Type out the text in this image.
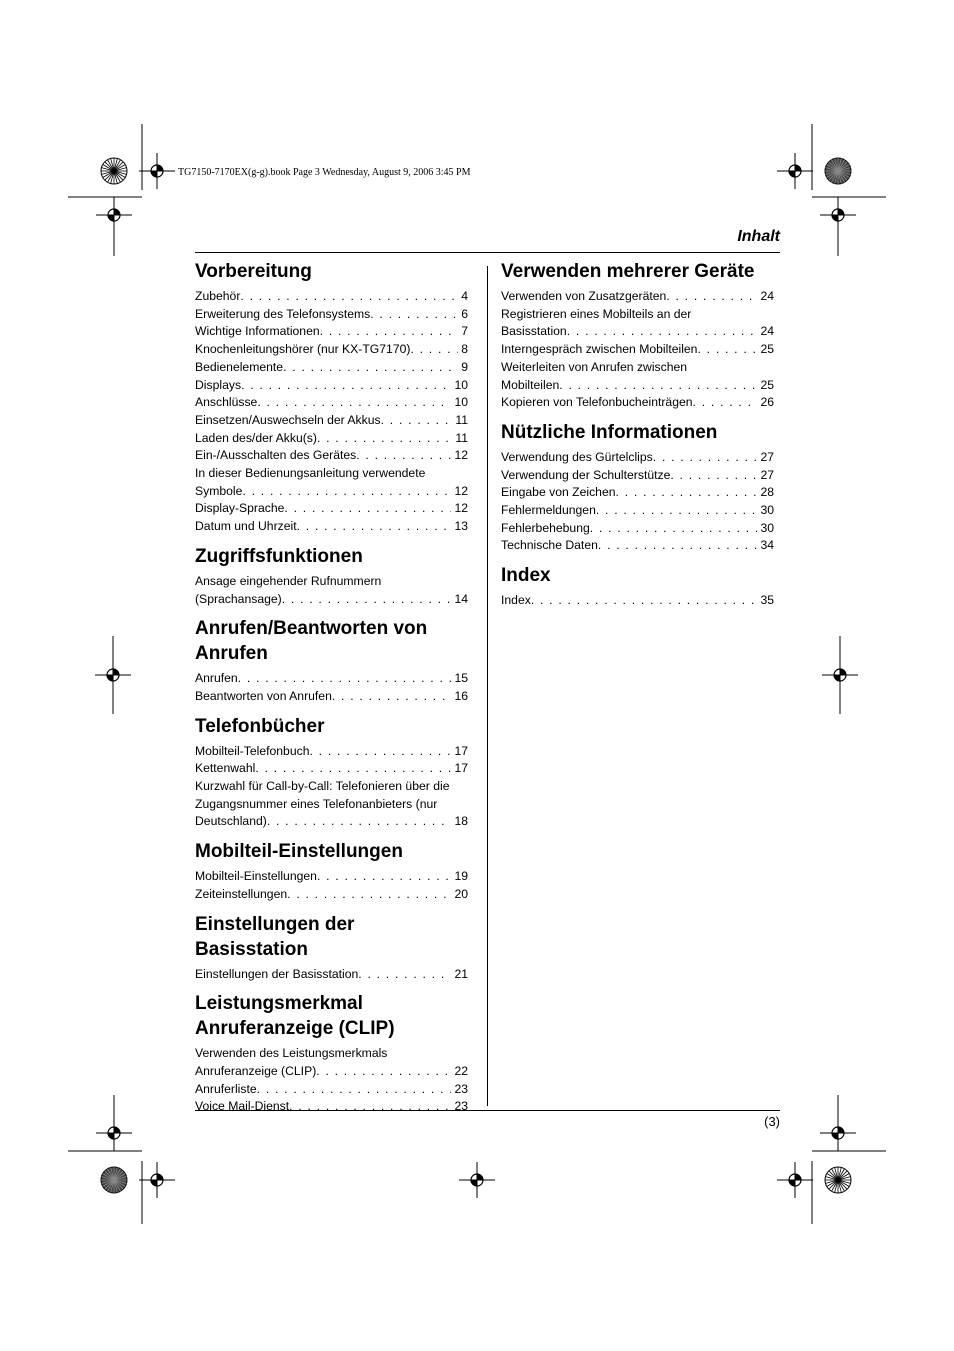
TG7150-7170EX(g-g).book Page 3 Wednesday, August 9, 2006 3:45 PM
Inhalt
Vorbereitung
Zubehör . . .	4
Erweiterung des Telefonsystems . . .	6
Wichtige Informationen . . .	7
Knochenleitungshörer (nur KX-TG7170) . . .	8
Bedienelemente . . .	9
Displays . . .	10
Anschlüsse . . .	10
Einsetzen/Auswechseln der Akkus . . .	11
Laden des/der Akku(s) . . .	11
Ein-/Ausschalten des Gerätes . . .	12
In dieser Bedienungsanleitung verwendete
Symbole . . .	12
Display-Sprache . . .	12
Datum und Uhrzeit . . .	13
Zugriffsfunktionen
Ansage eingehender Rufnummern
(Sprachansage) . . .	14
Anrufen/Beantworten von Anrufen
Anrufen . . .	15
Beantworten von Anrufen . . .	16
Telefonbücher
Mobilteil-Telefonbuch . . .	17
Kettenwahl . . .	17
Kurzwahl für Call-by-Call: Telefonieren über die
Zugangsnummer eines Telefonanbieters (nur
Deutschland) . . .	18
Mobilteil-Einstellungen
Mobilteil-Einstellungen . . .	19
Zeiteinstellungen . . .	20
Einstellungen der Basisstation
Einstellungen der Basisstation . . .	21
Leistungsmerkmal Anruferanzeige (CLIP)
Verwenden des Leistungsmerkmals
Anruferanzeige (CLIP) . . .	22
Anruferliste . . .	23
Voice Mail-Dienst . . .	23
Verwenden mehrerer Geräte
Verwenden von Zusatzgeräten . . .	24
Registrieren eines Mobilteils an der
Basisstation . . .	24
Interngespräch zwischen Mobilteilen . . .	25
Weiterleiten von Anrufen zwischen
Mobilteilen . . .	25
Kopieren von Telefonbucheinträgen . . .	26
Nützliche Informationen
Verwendung des Gürtelclips . . .	27
Verwendung der Schulterstütze . . .	27
Eingabe von Zeichen . . .	28
Fehlermeldungen . . .	30
Fehlerbehebung . . .	30
Technische Daten . . .	34
Index
Index . . .	35
(3)
